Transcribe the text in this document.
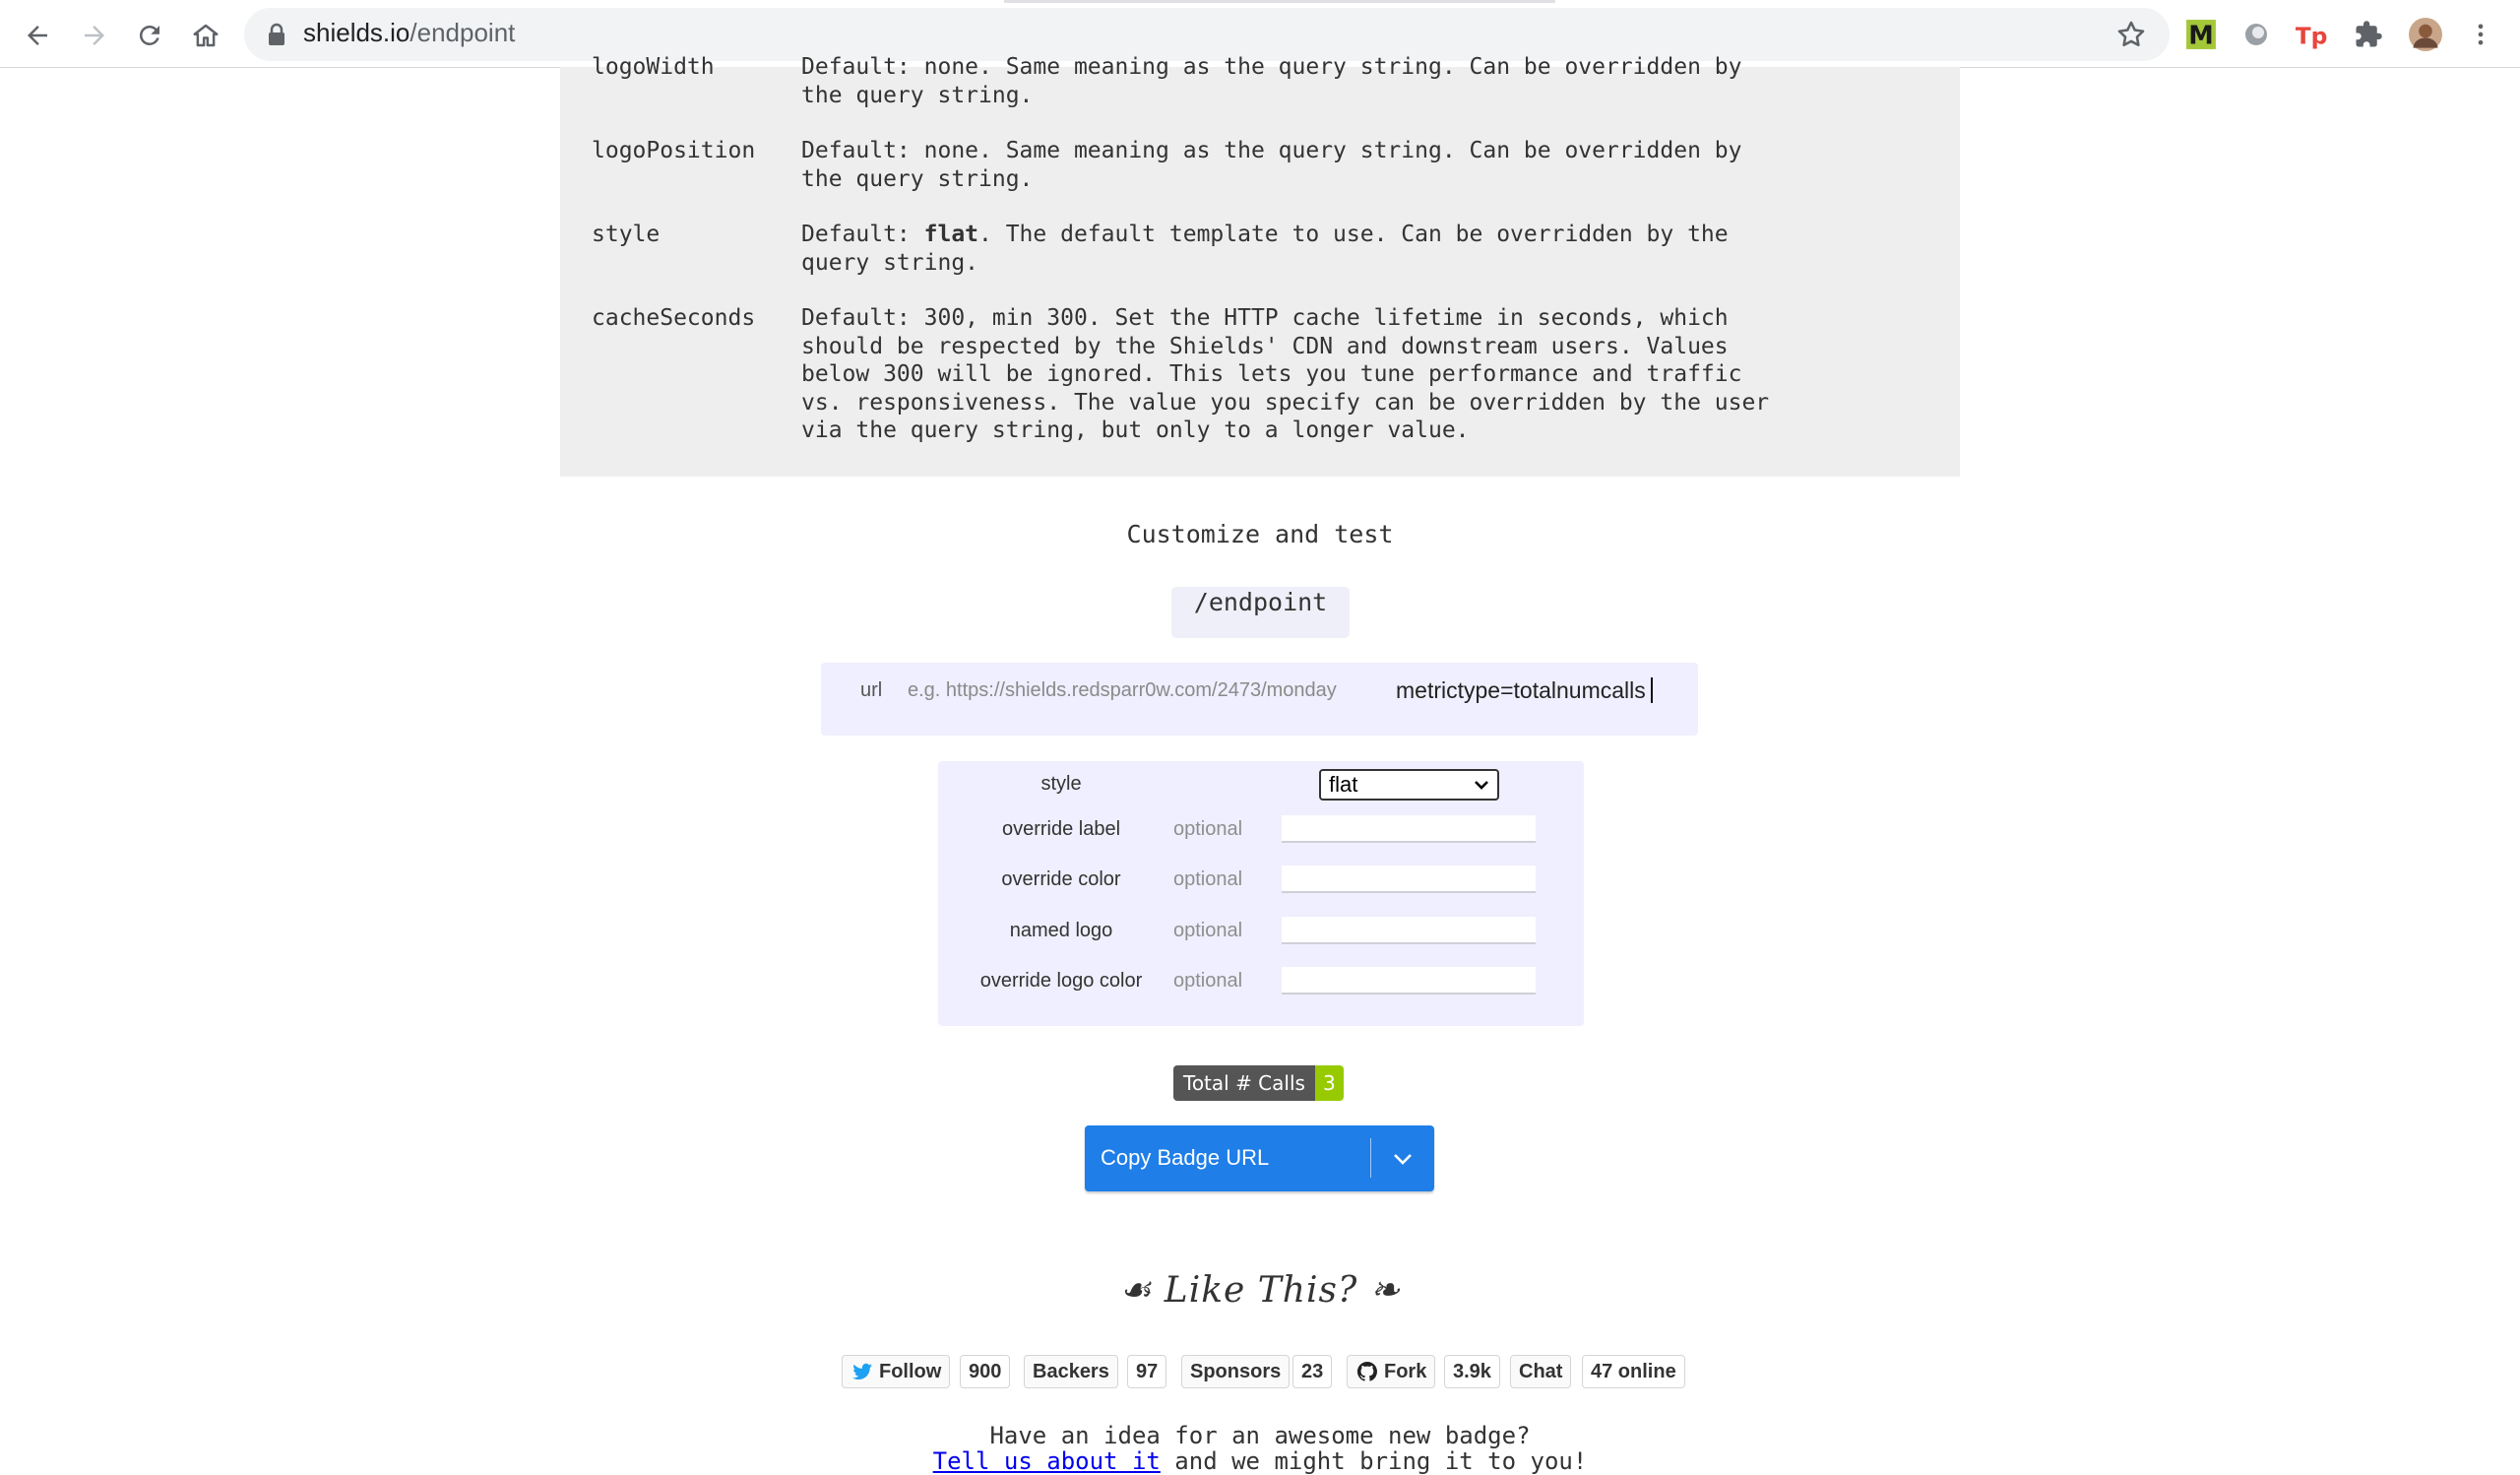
shields.io/endpoint	M	Tp
logoWidth	Default: none. Same meaning as the query string. Can be overridden by
the query string.
logoPosition Default: none. Same meaning as the query string. Can be overridden by
the query string.
style	Default: flat. The default template to use. Can be overridden by the
query string.
cacheSeconds Default: 300, min 300. Set the HTTP cache lifetime in seconds, which
should be respected by the Shields' CDN and downstream users. Values
below 300 will be ignored. This lets you tune performance and traffic
vs. responsiveness. The value you specify can be overridden by the user
via the query string, but only to a longer value.
Customize and test
/endpoint
url e.g. https://shields.redsparr0w.com/2473/monday	metrictype=totalnumcalls
style	flat
override label	optional
override color	optional
named logo	optional
override logo color	optional
Total # Calls 3
Copy Badge URL
☙ Like This? ❧
Follow	900	Backers	97	Sponsors	23	Fork	3.9k	Chat	47 online
Have an idea for an awesome new badge?
Tell us about it and we might bring it to you!
